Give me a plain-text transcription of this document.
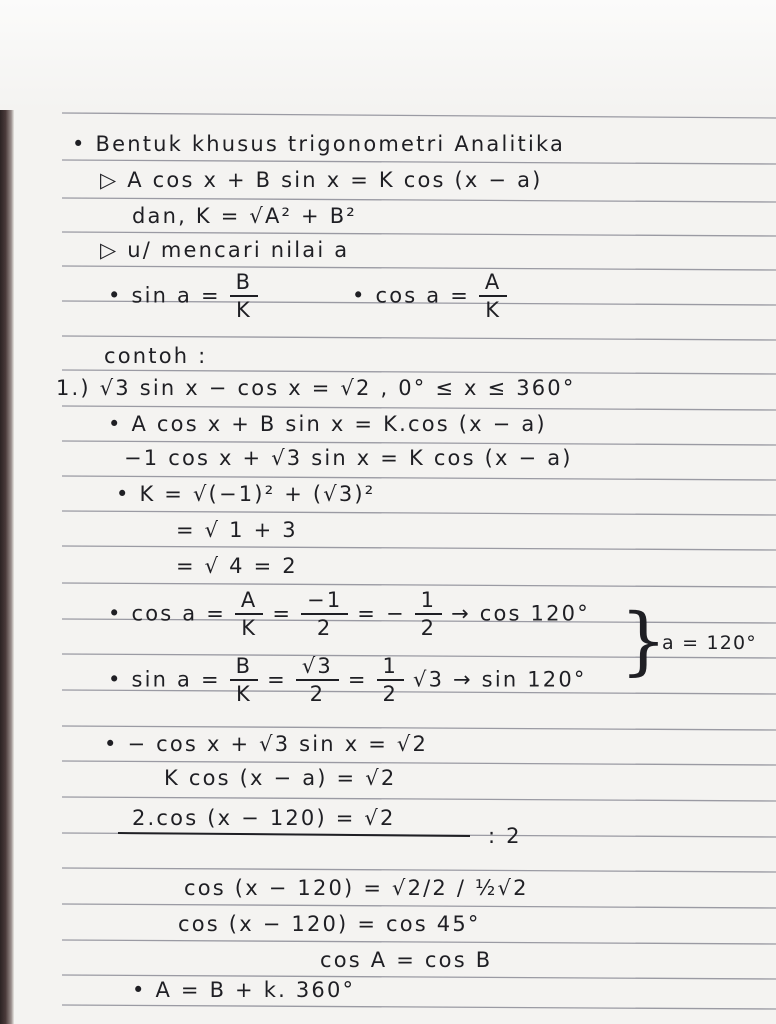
• Bentuk khusus trigonometri Analitika
▷ A cos x + B sin x = K cos (x − a)
dan, K = √A² + B²
▷ u/ mencari nilai a
• $\sin a = \frac{B}{K}$	• $\cos a = \frac{A}{K}$
contoh :
1.) √3 sin x − cos x = √2 , 0° ≤ x ≤ 360°
• A cos x + B sin x = K.cos (x − a)
−1 cos x + √3 sin x = K cos (x − a)
• K = √(−1)² + (√3)²
= √ 1 + 3
= √ 4 = 2
• $\cos a = \frac{A}{K} = \frac{-1}{2}$ = − $\frac{1}{2} \to \cos 120^\circ$
• $\sin a = \frac{B}{K} = \frac{√3}{2} = \frac{1}{2} √3 \to \sin 120^\circ$ }
a = 120°
• − cos x + √3 sin x = √2
K cos (x − a) = √2
2.cos (x − 120) = √2
: 2
cos (x − 120) = √2/2 / ½√2
cos (x − 120) = cos 45°
cos A = cos B
• A = B + k. 360°
